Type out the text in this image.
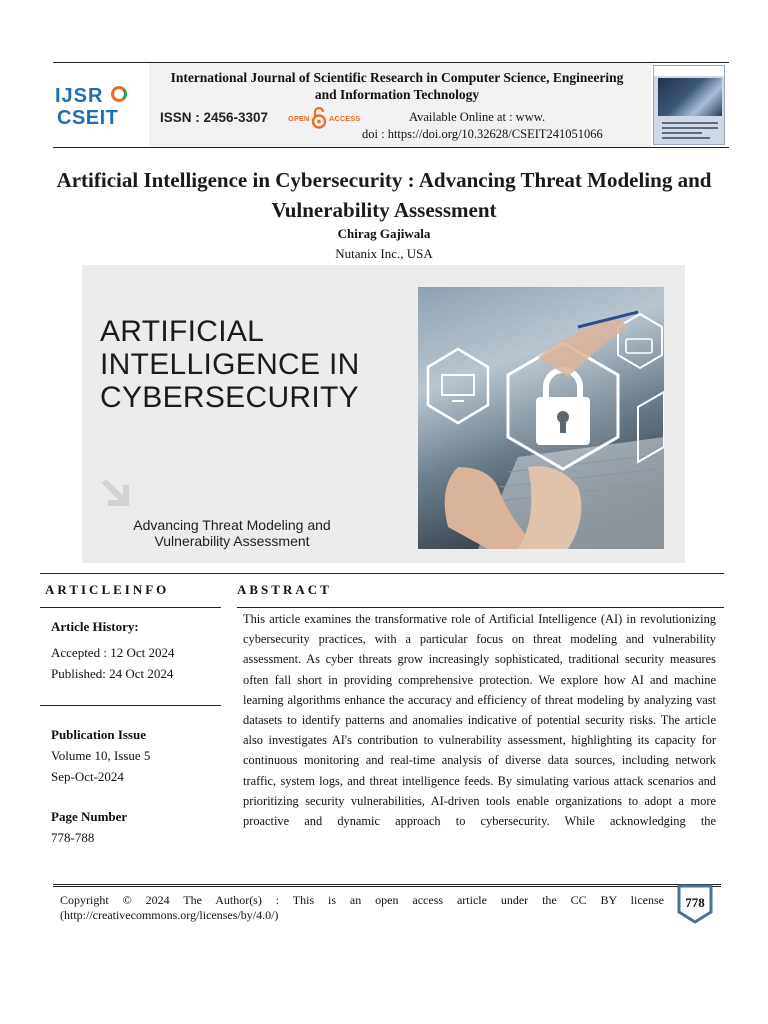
IJSR
CSEIT
International Journal of Scientific Research in Computer Science, Engineering and Information Technology
ISSN : 2456-3307	OPEN	ACCESS	Available Online at : www.
doi : https://doi.org/10.32628/CSEIT241051066
Artificial Intelligence in Cybersecurity : Advancing Threat Modeling and Vulnerability Assessment
Chirag Gajiwala
Nutanix Inc., USA
ARTIFICIAL
INTELLIGENCE IN
CYBERSECURITY
Advancing Threat Modeling and
Vulnerability Assessment
ARTICLEINFO	ABSTRACT
Article History:
Accepted : 12 Oct 2024
Published: 24 Oct 2024
Publication Issue
Volume 10, Issue 5
Sep-Oct-2024
Page Number
778-788
This article examines the transformative role of Artificial Intelligence (AI) in revolutionizing cybersecurity practices, with a particular focus on threat modeling and vulnerability assessment. As cyber threats grow increasingly sophisticated, traditional security measures often fall short in providing comprehensive protection. We explore how AI and machine learning algorithms enhance the accuracy and efficiency of threat modeling by analyzing vast datasets to identify patterns and anomalies indicative of potential security risks. The article also investigates AI's contribution to vulnerability assessment, highlighting its capacity for continuous monitoring and real-time analysis of diverse data sources, including network traffic, system logs, and threat intelligence feeds. By simulating various attack scenarios and prioritizing security vulnerabilities, AI-driven tools enable organizations to adopt a more proactive and dynamic approach to cybersecurity. While acknowledging the
Copyright © 2024 The Author(s) : This is an open access article under the CC BY license
(http://creativecommons.org/licenses/by/4.0/)
778
